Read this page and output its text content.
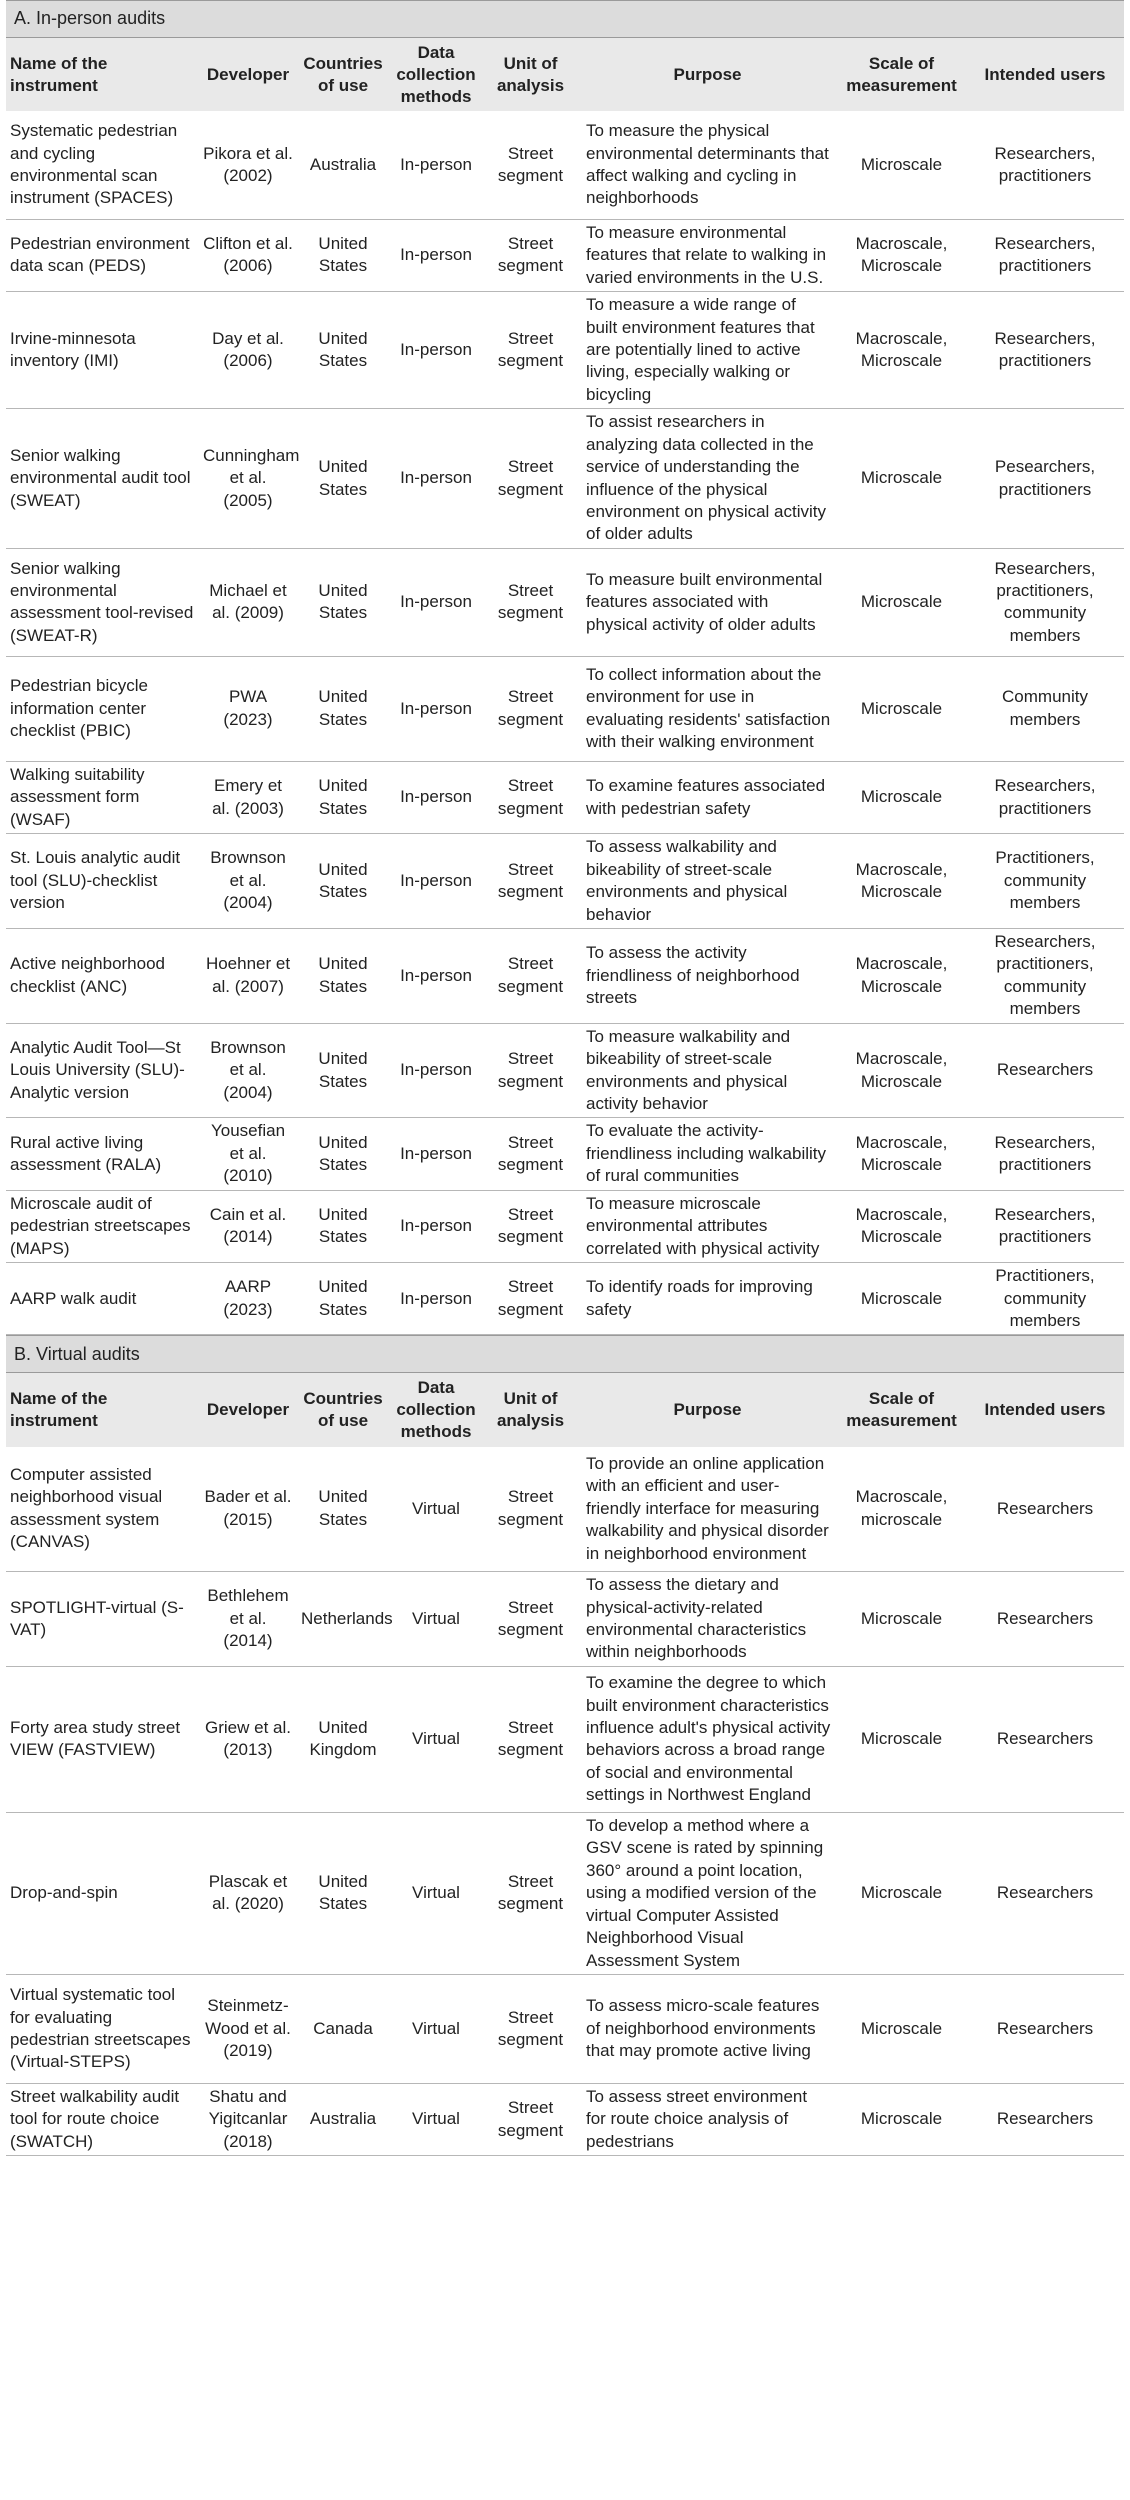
A. In-person audits
Name of the instrument	Developer	Countries of use	Data collection methods	Unit of analysis	Purpose	Scale of measurement	Intended users
Systematic pedestrian and cycling environmental scan instrument (SPACES)	Pikora et al. (2002)	Australia	In-person	Street segment	To measure the physical environmental determinants that affect walking and cycling in neighborhoods	Microscale	Researchers, practitioners
Pedestrian environment data scan (PEDS)	Clifton et al. (2006)	United States	In-person	Street segment	To measure environmental features that relate to walking in varied environments in the U.S.	Macroscale, Microscale	Researchers, practitioners
Irvine-minnesota inventory (IMI)	Day et al. (2006)	United States	In-person	Street segment	To measure a wide range of built environment features that are potentially lined to active living, especially walking or bicycling	Macroscale, Microscale	Researchers, practitioners
Senior walking environmental audit tool (SWEAT)	Cunningham et al. (2005)	United States	In-person	Street segment	To assist researchers in analyzing data collected in the service of understanding the influence of the physical environment on physical activity of older adults	Microscale	Pesearchers, practitioners
Senior walking environmental assessment tool-revised (SWEAT-R)	Michael et al. (2009)	United States	In-person	Street segment	To measure built environmental features associated with physical activity of older adults	Microscale	Researchers, practitioners, community members
Pedestrian bicycle information center checklist (PBIC)	PWA (2023)	United States	In-person	Street segment	To collect information about the environment for use in evaluating residents' satisfaction with their walking environment	Microscale	Community members
Walking suitability assessment form (WSAF)	Emery et al. (2003)	United States	In-person	Street segment	To examine features associated with pedestrian safety	Microscale	Researchers, practitioners
St. Louis analytic audit tool (SLU)-checklist version	Brownson et al. (2004)	United States	In-person	Street segment	To assess walkability and bikeability of street-scale environments and physical behavior	Macroscale, Microscale	Practitioners, community members
Active neighborhood checklist (ANC)	Hoehner et al. (2007)	United States	In-person	Street segment	To assess the activity friendliness of neighborhood streets	Macroscale, Microscale	Researchers, practitioners, community members
Analytic Audit Tool—St Louis University (SLU)-Analytic version	Brownson et al. (2004)	United States	In-person	Street segment	To measure walkability and bikeability of street-scale environments and physical activity behavior	Macroscale, Microscale	Researchers
Rural active living assessment (RALA)	Yousefian et al. (2010)	United States	In-person	Street segment	To evaluate the activity-friendliness including walkability of rural communities	Macroscale, Microscale	Researchers, practitioners
Microscale audit of pedestrian streetscapes (MAPS)	Cain et al. (2014)	United States	In-person	Street segment	To measure microscale environmental attributes correlated with physical activity	Macroscale, Microscale	Researchers, practitioners
AARP walk audit	AARP (2023)	United States	In-person	Street segment	To identify roads for improving safety	Microscale	Practitioners, community members
B. Virtual audits
Name of the instrument	Developer	Countries of use	Data collection methods	Unit of analysis	Purpose	Scale of measurement	Intended users
Computer assisted neighborhood visual assessment system (CANVAS)	Bader et al. (2015)	United States	Virtual	Street segment	To provide an online application with an efficient and user-friendly interface for measuring walkability and physical disorder in neighborhood environment	Macroscale, microscale	Researchers
SPOTLIGHT-virtual (S-VAT)	Bethlehem et al. (2014)	Netherlands	Virtual	Street segment	To assess the dietary and physical-activity-related environmental characteristics within neighborhoods	Microscale	Researchers
Forty area study street VIEW (FASTVIEW)	Griew et al. (2013)	United Kingdom	Virtual	Street segment	To examine the degree to which built environment characteristics influence adult's physical activity behaviors across a broad range of social and environmental settings in Northwest England	Microscale	Researchers
Drop-and-spin	Plascak et al. (2020)	United States	Virtual	Street segment	To develop a method where a GSV scene is rated by spinning 360° around a point location, using a modified version of the virtual Computer Assisted Neighborhood Visual Assessment System	Microscale	Researchers
Virtual systematic tool for evaluating pedestrian streetscapes (Virtual-STEPS)	Steinmetz-Wood et al. (2019)	Canada	Virtual	Street segment	To assess micro-scale features of neighborhood environments that may promote active living	Microscale	Researchers
Street walkability audit tool for route choice (SWATCH)	Shatu and Yigitcanlar (2018)	Australia	Virtual	Street segment	To assess street environment for route choice analysis of pedestrians	Microscale	Researchers
